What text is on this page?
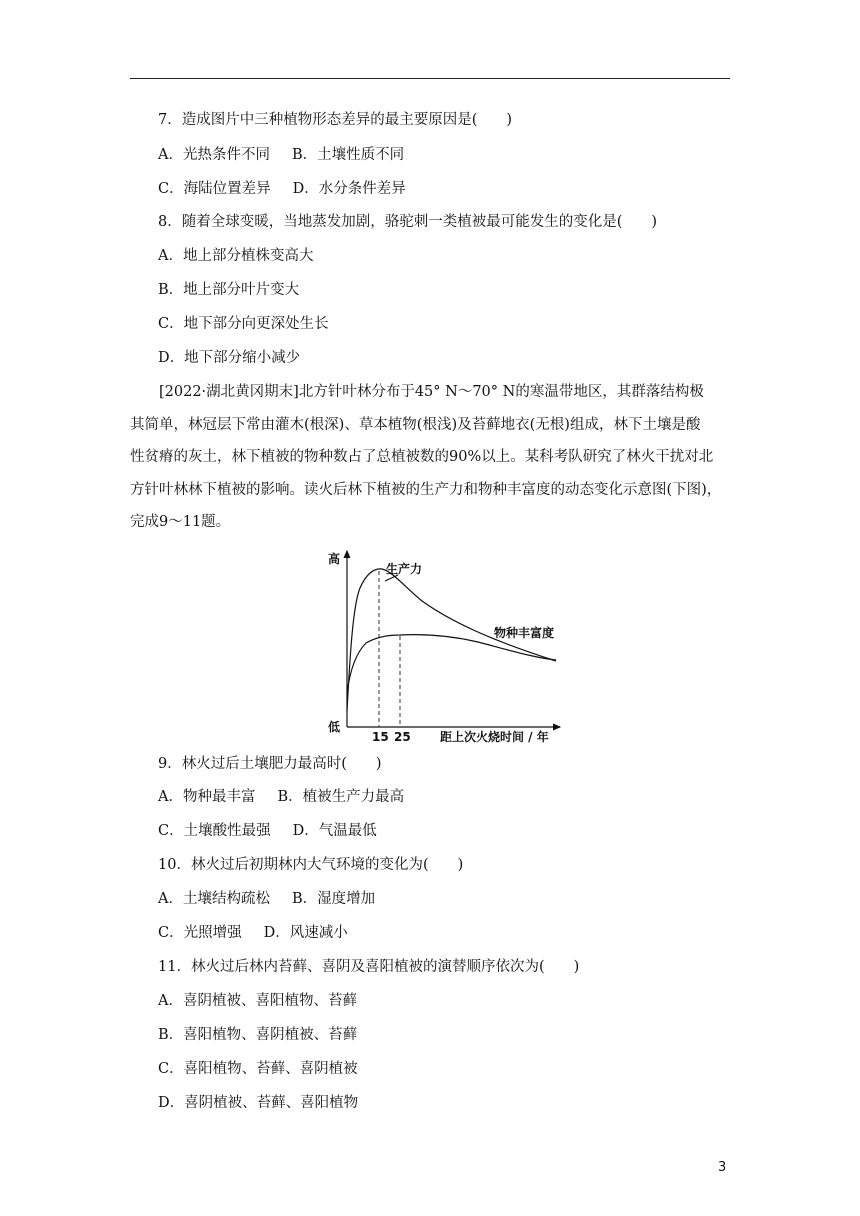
7．造成图片中三种植物形态差异的最主要原因是(　　)
A．光热条件不同 B．土壤性质不同
C．海陆位置差异 D．水分条件差异
8．随着全球变暖，当地蒸发加剧，骆驼刺一类植被最可能发生的变化是(　　)
A．地上部分植株变高大
B．地上部分叶片变大
C．地下部分向更深处生长
D．地下部分缩小减少
[2022·湖北黄冈期末]北方针叶林分布于45° N～70° N的寒温带地区，其群落结构极
其简单，林冠层下常由灌木(根深)、草本植物(根浅)及苔藓地衣(无根)组成，林下土壤是酸
性贫瘠的灰土，林下植被的物种数占了总植被数的90%以上。某科考队研究了林火干扰对北
方针叶林林下植被的影响。读火后林下植被的生产力和物种丰富度的动态变化示意图(下图)，
完成9～11题。
高
低
15 25 距上次火烧时间 / 年
生产力
物种丰富度
9．林火过后土壤肥力最高时(　　)
A．物种最丰富 B．植被生产力最高
C．土壤酸性最强 D．气温最低
10．林火过后初期林内大气环境的变化为(　　)
A．土壤结构疏松 B．湿度增加
C．光照增强 D．风速减小
11．林火过后林内苔藓、喜阴及喜阳植被的演替顺序依次为(　　)
A．喜阴植被、喜阳植物、苔藓
B．喜阳植物、喜阴植被、苔藓
C．喜阳植物、苔藓、喜阴植被
D．喜阴植被、苔藓、喜阳植物
3
